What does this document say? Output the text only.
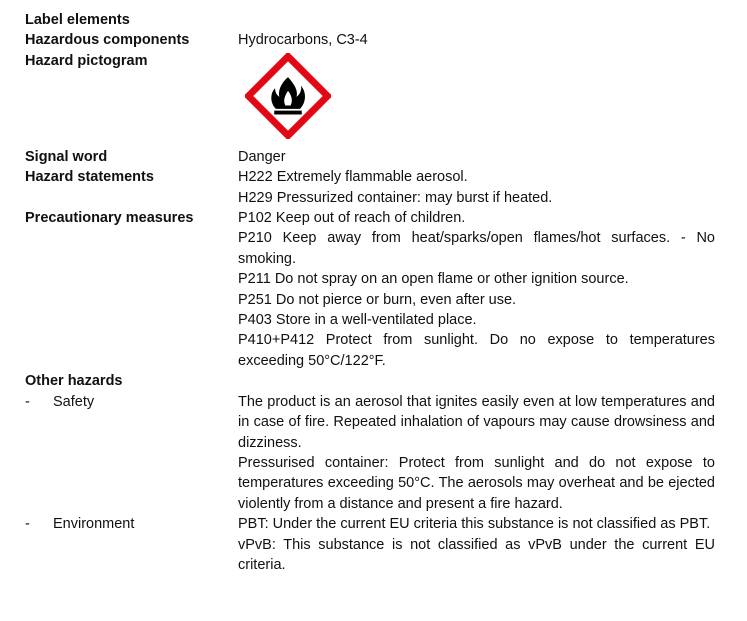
Label elements
Hazardous components	Hydrocarbons, C3-4
Hazard pictogram
Signal word	Danger
Hazard statements	H222 Extremely flammable aerosol.

H229 Pressurized container: may burst if heated.

Precautionary measures	P102 Keep out of reach of children.

P210 Keep away from heat/sparks/open flames/hot surfaces. - No smoking.

P211 Do not spray on an open flame or other ignition source.

P251 Do not pierce or burn, even after use.

P403 Store in a well-ventilated place.

P410+P412 Protect from sunlight. Do no expose to temperatures exceeding 50°C/122°F.

Other hazards
-	Safety	The product is an aerosol that ignites easily even at low temperatures and in case of fire. Repeated inhalation of vapours may cause drowsiness and dizziness.

Pressurised container: Protect from sunlight and do not expose to temperatures exceeding 50°C. The aerosols may overheat and be ejected violently from a distance and present a fire hazard.

-	Environment	PBT: Under the current EU criteria this substance is not classified as PBT.

vPvB: This substance is not classified as vPvB under the current EU criteria.
